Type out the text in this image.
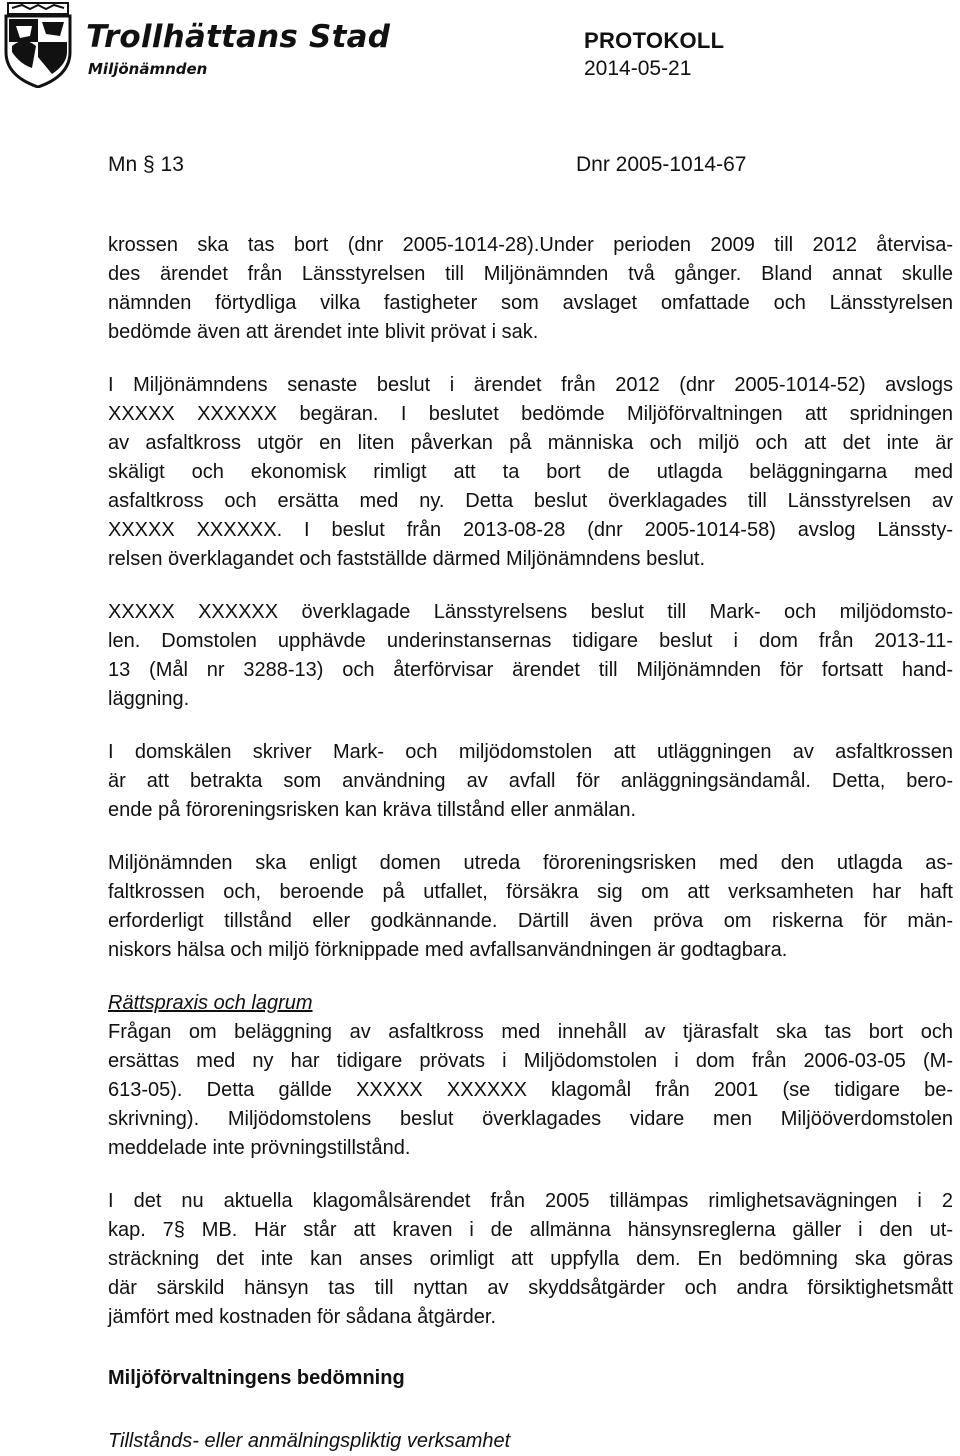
Trollhättans Stad
Miljönämnden
PROTOKOLL
2014-05-21
Mn § 13	Dnr 2005-1014-67

krossen ska tas bort (dnr 2005-1014-28).Under perioden 2009 till 2012 återvisa-
des ärendet från Länsstyrelsen till Miljönämnden två gånger. Bland annat skulle
nämnden förtydliga vilka fastigheter som avslaget omfattade och Länsstyrelsen
bedömde även att ärendet inte blivit prövat i sak.

I Miljönämndens senaste beslut i ärendet från 2012 (dnr 2005-1014-52) avslogs
XXXXX XXXXXX begäran. I beslutet bedömde Miljöförvaltningen att spridningen
av asfaltkross utgör en liten påverkan på människa och miljö och att det inte är
skäligt och ekonomisk rimligt att ta bort de utlagda beläggningarna med
asfaltkross och ersätta med ny. Detta beslut överklagades till Länsstyrelsen av
XXXXX XXXXXX. I beslut från 2013-08-28 (dnr 2005-1014-58) avslog Länssty-
relsen överklagandet och fastställde därmed Miljönämndens beslut.

XXXXX XXXXXX överklagade Länsstyrelsens beslut till Mark- och miljödomsto-
len. Domstolen upphävde underinstansernas tidigare beslut i dom från 2013-11-
13 (Mål nr 3288-13) och återförvisar ärendet till Miljönämnden för fortsatt hand-
läggning.

I domskälen skriver Mark- och miljödomstolen att utläggningen av asfaltkrossen
är att betrakta som användning av avfall för anläggningsändamål. Detta, bero-
ende på föroreningsrisken kan kräva tillstånd eller anmälan.

Miljönämnden ska enligt domen utreda föroreningsrisken med den utlagda as-
faltkrossen och, beroende på utfallet, försäkra sig om att verksamheten har haft
erforderligt tillstånd eller godkännande. Därtill även pröva om riskerna för män-
niskors hälsa och miljö förknippade med avfallsanvändningen är godtagbara.

Rättspraxis och lagrum
Frågan om beläggning av asfaltkross med innehåll av tjärasfalt ska tas bort och
ersättas med ny har tidigare prövats i Miljödomstolen i dom från 2006-03-05 (M-
613-05). Detta gällde XXXXX XXXXXX klagomål från 2001 (se tidigare be-
skrivning). Miljödomstolens beslut överklagades vidare men Miljööverdomstolen
meddelade inte prövningstillstånd.

I det nu aktuella klagomålsärendet från 2005 tillämpas rimlighetsavägningen i 2
kap. 7§ MB. Här står att kraven i de allmänna hänsynsreglerna gäller i den ut-
sträckning det inte kan anses orimligt att uppfylla dem. En bedömning ska göras
där särskild hänsyn tas till nyttan av skyddsåtgärder och andra försiktighetsmått
jämfört med kostnaden för sådana åtgärder.

Miljöförvaltningens bedömning
Tillstånds- eller anmälningspliktig verksamhet
